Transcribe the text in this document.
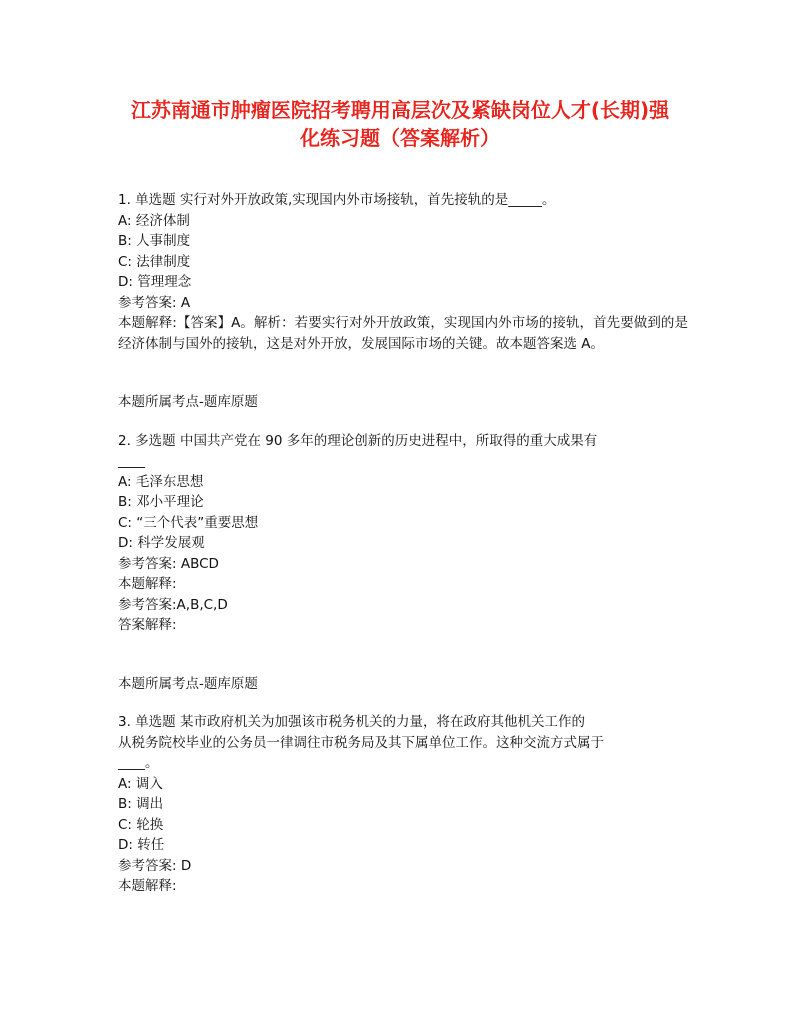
江苏南通市肿瘤医院招考聘用高层次及紧缺岗位人才(长期)强
化练习题（答案解析）
1. 单选题 实行对外开放政策,实现国内外市场接轨，首先接轨的是_____。
A: 经济体制
B: 人事制度
C: 法律制度
D: 管理理念
参考答案: A
本题解释:【答案】A。解析：若要实行对外开放政策，实现国内外市场的接轨，首先要做到的是经济体制与国外的接轨，这是对外开放，发展国际市场的关键。故本题答案选 A。
本题所属考点-题库原题
2. 多选题 中国共产党在 90 多年的理论创新的历史进程中，所取得的重大成果有
____
A: 毛泽东思想
B: 邓小平理论
C: “三个代表”重要思想
D: 科学发展观
参考答案: ABCD
本题解释:
参考答案:A,B,C,D
答案解释:
本题所属考点-题库原题
3. 单选题 某市政府机关为加强该市税务机关的力量，将在政府其他机关工作的
从税务院校毕业的公务员一律调往市税务局及其下属单位工作。这种交流方式属于
____。
A: 调入
B: 调出
C: 轮换
D: 转任
参考答案: D
本题解释:
